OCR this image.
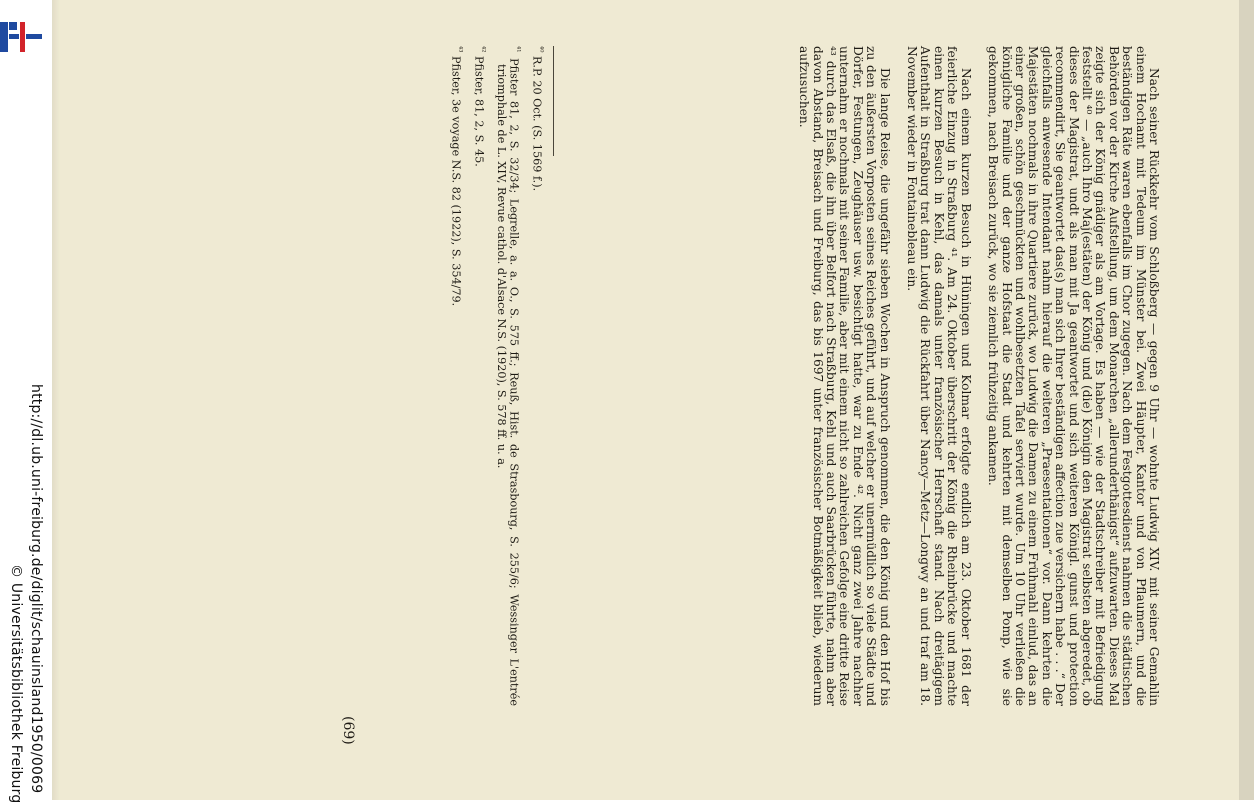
http://dl.ub.uni-freiburg.de/diglit/schauinsland1950/0069
© Universitätsbibliothek Freiburg	Nach seiner Rückkehr vom Schloßberg — gegen 9 Uhr — wohnte Ludwig XIV. mit seiner Gemahlin einem Hochamt mit Tedeum im Münster bei. Zwei Häupter, Kantor und von Pflaumern, und die beständigen Räte waren ebenfalls im Chor zugegen. Nach dem Festgottesdienst nahmen die städtischen Behörden vor der Kirche Aufstellung, um dem Monarchen „allerunderthänigst“ aufzuwarten. Dieses Mal zeigte sich der König gnädiger als am Vortage. Es haben — wie der Stadtschreiber mit Befriedigung feststellt ⁴⁰ — „auch Ihro Maj(estäten) der König und (die) Königin den Magistrat selbsten abgeredet, ob dieses der Magistrat, undt als man mit Ja geantwortet und sich weiteren Königl. gunst und protection recommendirt, Sie geantwortet das(s) man sich Ihrer beständigen affection zue versichern habe . . .“ Der gleichfalls anwesende Intendant nahm hierauf die weiteren „Praesentationen“ vor. Dann kehrten die Majestäten nochmals in ihre Quartiere zurück, wo Ludwig die Damen zu einem Frühmahl einlud, das an einer großen, schön geschmückten und wohlbesetzten Tafel serviert wurde. Um 10 Uhr verließen die königliche Familie und der ganze Hofstaat die Stadt und kehrten mit demselben Pomp, wie sie gekommen, nach Breisach zurück, wo sie ziemlich frühzeitig ankamen.

Nach einem kurzen Besuch in Hüningen und Kolmar erfolgte endlich am 23. Oktober 1681 der feierliche Einzug in Straßburg ⁴¹. Am 24. Oktober überschritt der König die Rheinbrücke und machte einen kurzen Besuch in Kehl, das damals unter französischer Herrschaft stand. Nach dreitägigem Aufenthalt in Straßburg trat dann Ludwig die Rückfahrt über Nancy—Metz—Longwy an und traf am 18. November wieder in Fontainebleau ein.

Die lange Reise, die ungefähr sieben Wochen in Anspruch genommen, die den König und den Hof bis zu den äußersten Vorposten seines Reiches geführt, und auf welcher er unermüdlich so viele Städte und Dörfer, Festungen, Zeughäuser usw. besichtigt hatte, war zu Ende ⁴². Nicht ganz zwei Jahre nachher unternahm er nochmals mit seiner Familie, aber mit einem nicht so zahlreichen Gefolge eine dritte Reise ⁴³ durch das Elsaß, die ihn über Belfort nach Straßburg, Kehl und auch Saarbrücken führte, nahm aber davon Abstand, Breisach und Freiburg, das bis 1697 unter französischer Botmäßigkeit blieb, wiederum aufzusuchen.

$^{^{40}}$ R.P. 20 Oct. (S. 1569 f.).

$^{^{41}}$ Pfister 81, 2, S. 32/34; Legrelle, a. a. O., S. 575 ff.; Reuß, Hist. de Strasbourg, S. 255/6; Wessinger L'entrée triomphale de L. XIV, Revue cathol. d'Alsace N.S. (1920), S. 578 ff. u. a.

$^{^{42}}$ Pfister, 81, 2, S. 45.

$^{^{43}}$ Pfister, 3e voyage N.S. 82 (1922), S. 354/79.

(69)
